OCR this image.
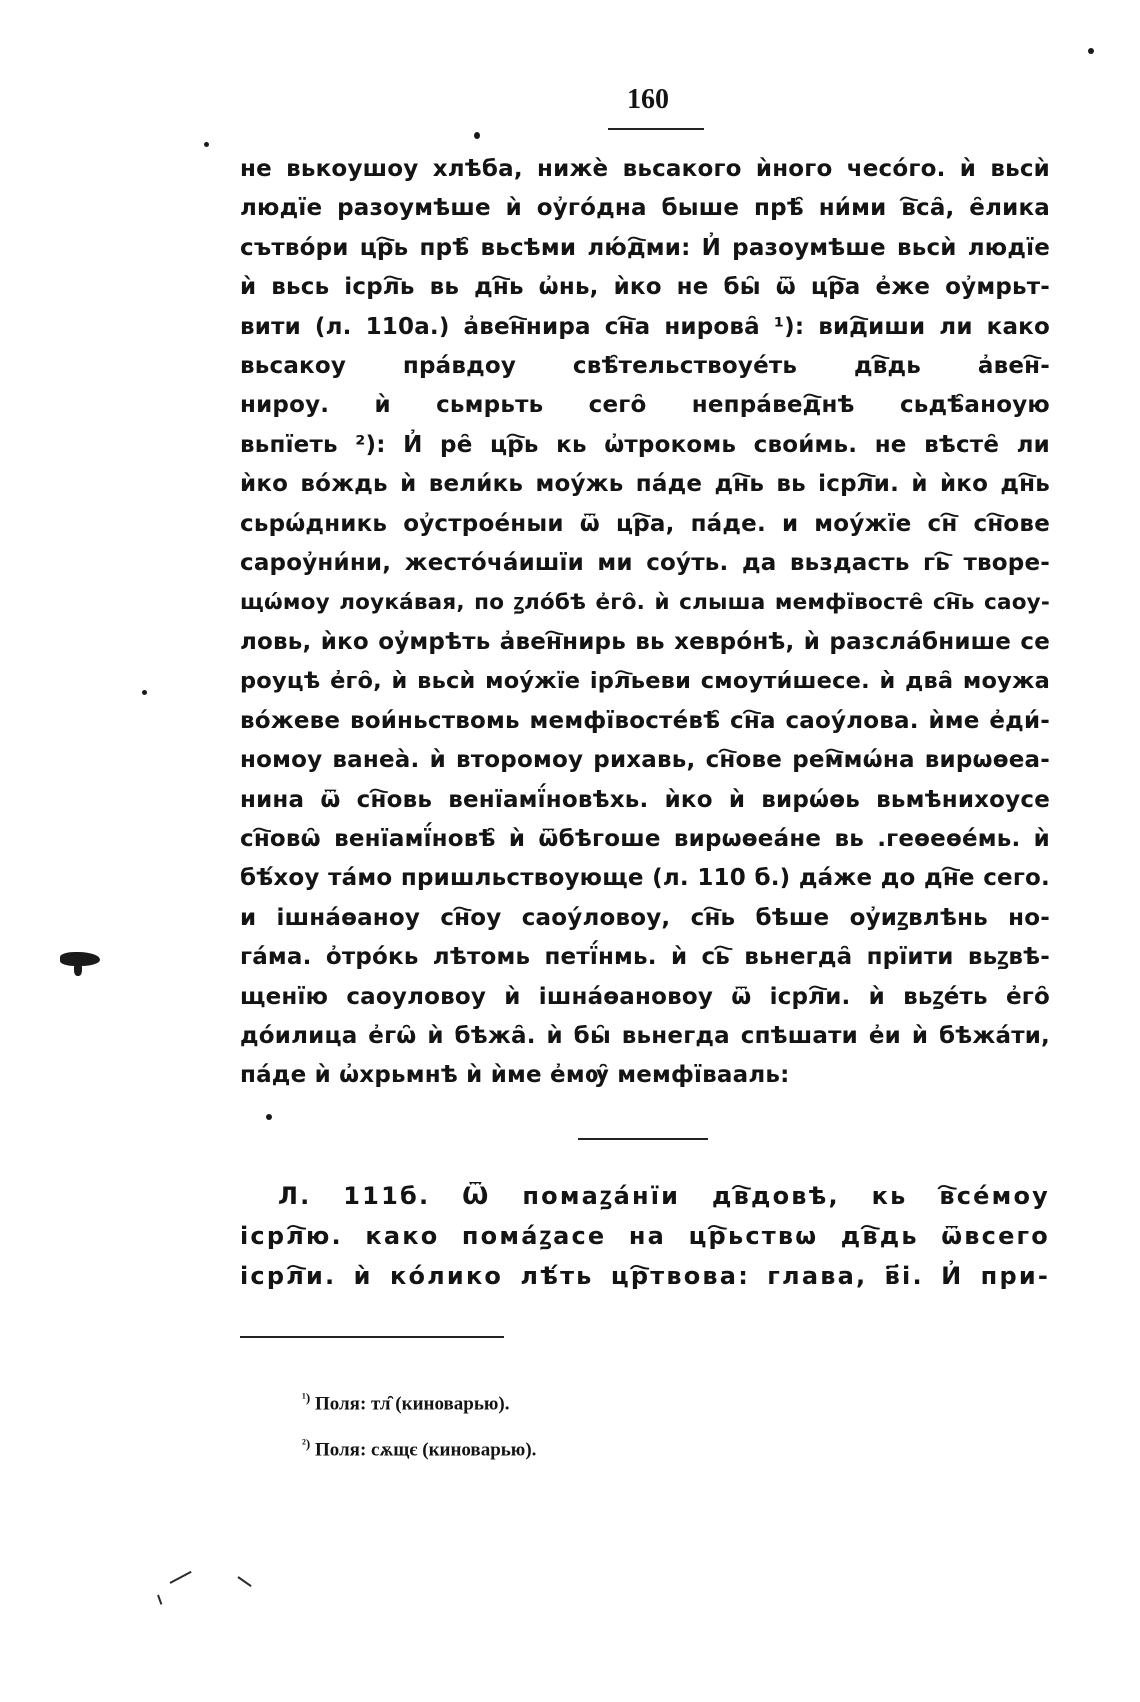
160
не вькоушоу хлѣба, нижѐ вьсакого ѝного чесо́го. ѝ вьсѝ
людїе разоумѣше ѝ оу҆го́дна быше прѣ̑ ни́ми в҇са̑, е̑лика
сътво́ри цр҇ь прѣ̑ вьсѣми лю́д҇ми: И҆ разоумѣше вьсѝ людїе
ѝ вьсь ісрл҇ь вь дн҇ь ѡ҆нь, ѝко не бы̑ ѿ цр҇а е҆же оу҆мрьт-
вити (л. 110а.) а҆вен҇нира сн҇а нирова̑ ¹): вид҇иши ли како
вьсакоу пра́вдоу свѣ̑тельствоуе́ть дв҇дь а҆вен҇-
нироу. ѝ сьмрьть сего̑ непра́вед҇нѣ сьдѣ̑аноую
вьпїеть ²): И҆ ре̑ цр҇ь кь ѡ҆трокомь свои́мь. не вѣсте̑ ли
ѝко во́ждь ѝ вели́кь моу́жь па́де дн҇ь вь ісрл҇и. ѝ ѝко дн҇ь
сьрѡ́дникь оу҆строе́ныи ѿ цр҇а, па́де. и моу́жїе сн҇ сн҇ове
сароу҆ни́ни, жесто́ча́ишїи ми соу́ть. да вьздасть гь҇ творе-
щѡ́моу лоука́вая, по ꙁло́бѣ е҆го̑. ѝ слыша мемфївосте̑ сн҇ь саоу-
ловь, ѝко оу҆мрѣть а҆вен҇нирь вь хевро́нѣ, ѝ разсла́бнише се
роуцѣ е҆го̑, ѝ вьсѝ моу́жїе ірл҇ьеви смоути́шесе. ѝ два̑ моужа
во́жеве вои́ньствомь мемфївосте́вѣ̑ сн҇а саоу́лова. ѝме е҆ди́-
номоу ванеа̀. ѝ второмоу рихавь, сн҇ове рем҇мѡ́на вирѡѳеа-
нина ѿ сн҇овь венїамї́новѣхь. ѝко ѝ вирѡ́ѳь вьмѣнихоусе
сн҇овѡ̑ венїамї́новѣ̑ ѝ ѿбѣгоше вирѡѳеа́не вь .геѳеѳе́мь. ѝ
бѣ́хоу та́мо пришльствоующе (л. 110 б.) да́же до дн҇е сего.
и ішна́ѳаноу сн҇оу саоу́ловоу, сн҇ь бѣше оу҆иꙁвлѣнь но-
га́ма. о҆тро́кь лѣтомь петї́нмь. ѝ сь҇ вьнегда̑ прїити вьꙁвѣ-
щенїю саоуловоу ѝ ішна́ѳановоу ѿ ісрл҇и. ѝ вьꙁе́ть е҆го̑
до́илица е҆гѡ̑ ѝ бѣжа̑. ѝ бы̑ вьнегда спѣшати е҆и ѝ бѣжа́ти,
па́де ѝ ѡ҆хрьмнѣ ѝ ѝме е҆мѹ̑ мемфївааль:
Л. 111б. Ѿ помаꙁа́нїи дв҇довѣ, кь в҇се́моу
ісрл҇ю. како пома́ꙁасе на цр҇ьствѡ дв҇дь ѿвсего
ісрл҇и. ѝ ко́лико лѣ́ть цр҇твова: глава, в҃і. И҆ при-
$^{^1)}$ Поля: тл̑ (киноварью).
$^{^2)}$ Поля: сѫщє (киноварью).
